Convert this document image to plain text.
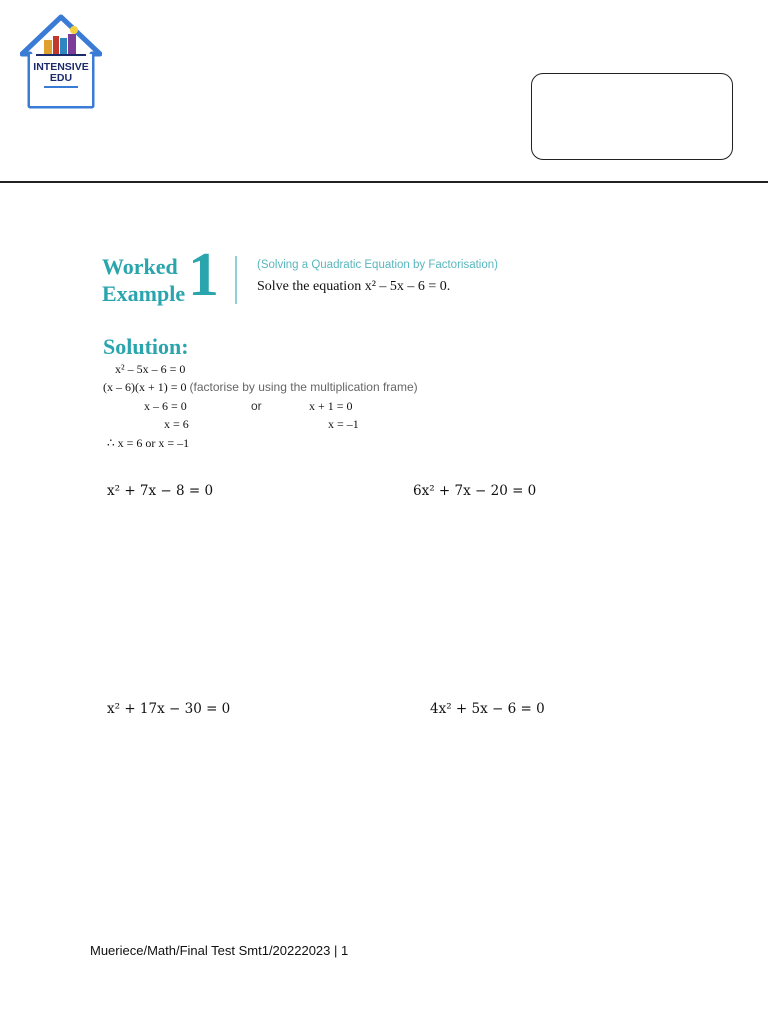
INTENSIVE
EDU
Worked
Example 1	(Solving a Quadratic Equation by Factorisation)
Solve the equation x² – 5x – 6 = 0.
Solution:
x² – 5x – 6 = 0
(x – 6)(x + 1) = 0 (factorise by using the multiplication frame)
x – 6 = 0	or	x + 1 = 0
x = 6	x = –1
∴ x = 6 or x = –1
x² + 7x − 8 = 0	6x² + 7x − 20 = 0
x² + 17x − 30 = 0	4x² + 5x − 6 = 0
Mueriece/Math/Final Test Smt1/20222023 | 1
